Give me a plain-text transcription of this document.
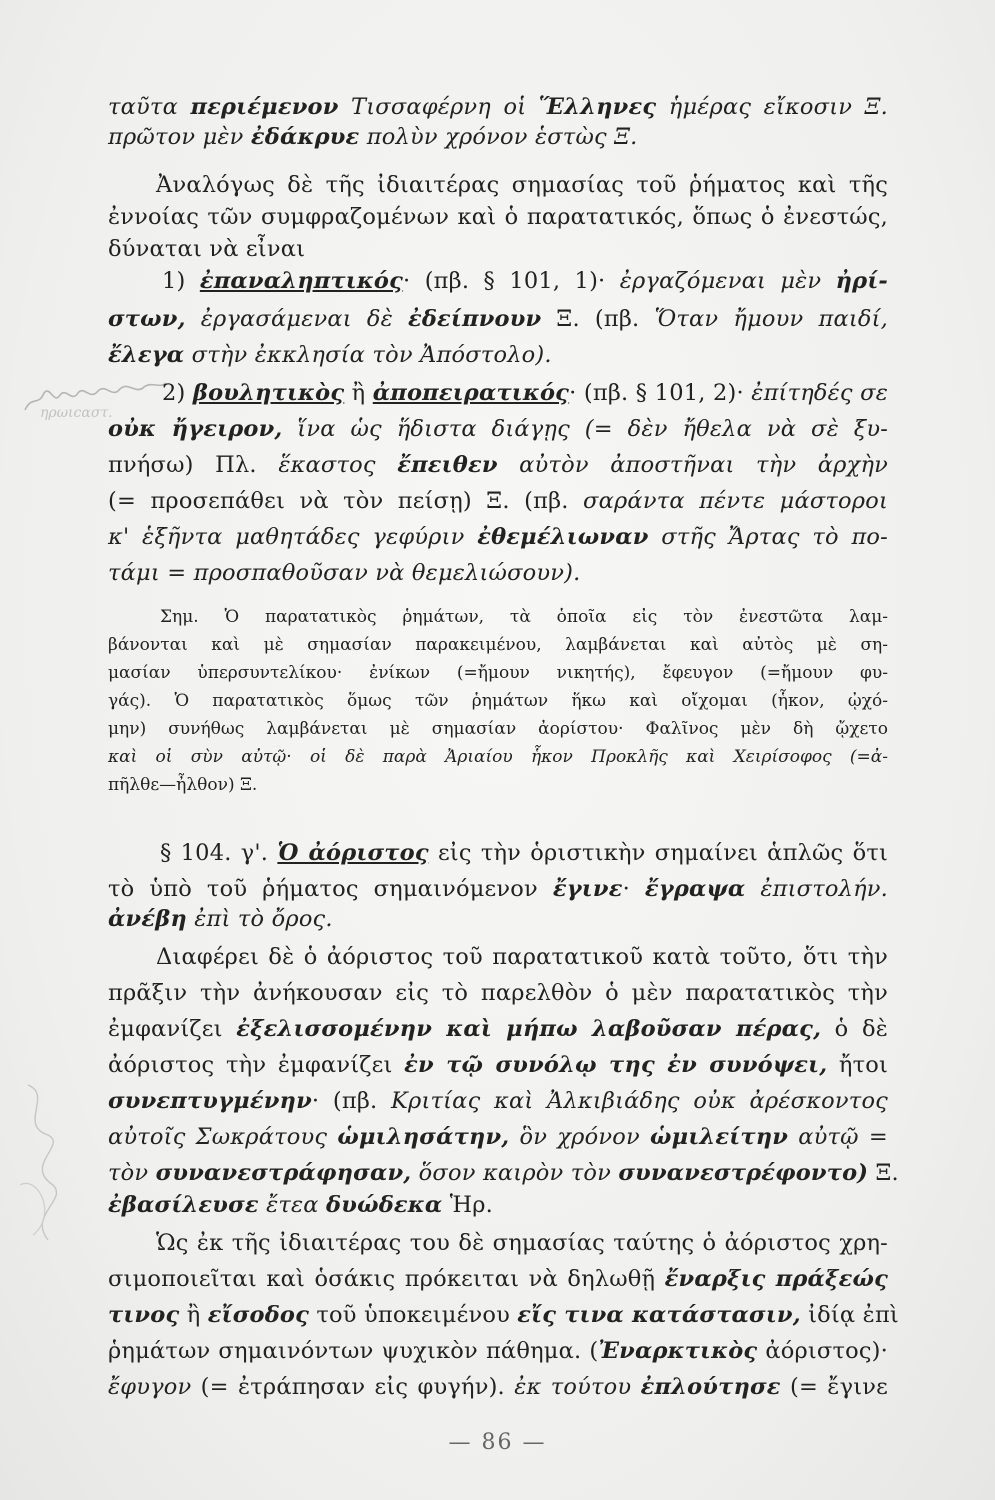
ηρωιcαστ.
ταῦτα περιέμενον Τισσαφέρνη οἱ Ἕλληνες ἡμέρας εἴκοσιν Ξ.
πρῶτον μὲν ἐδάκρυε πολὺν χρόνον ἑστὼς Ξ.
Ἀναλόγως δὲ τῆς ἰδιαιτέρας σημασίας τοῦ ῥήματος καὶ τῆς
ἐννοίας τῶν συμφραζομένων καὶ ὁ παρατατικός, ὅπως ὁ ἐνεστώς,
δύναται νὰ εἶναι
1) ἐπαναληπτικός· (πβ. § 101, 1)· ἐργαζόμεναι μὲν ἠρί-
στων, ἐργασάμεναι δὲ ἐδείπνουν Ξ. (πβ. Ὅταν ἤμουν παιδί,
ἔλεγα στὴν ἐκκλησία τὸν Ἀπόστολο).
2) βουλητικὸς ἢ ἀποπειρατικός· (πβ. § 101, 2)· ἐπίτηδές σε
οὐκ ἤγειρον, ἵνα ὡς ἥδιστα διάγῃς (= δὲν ἤθελα νὰ σὲ ξυ-
πνήσω) Πλ. ἕκαστος ἔπειθεν αὐτὸν ἀποστῆναι τὴν ἀρχὴν
(= προσεπάθει νὰ τὸν πείσῃ) Ξ. (πβ. σαράντα πέντε μάστοροι
κ' ἑξῆντα μαθητάδες γεφύριν ἐθεμέλιωναν στῆς Ἄρτας τὸ πο-
τάμι = προσπαθοῦσαν νὰ θεμελιώσουν).
Σημ. Ὁ παρατατικὸς ῥημάτων, τὰ ὁποῖα εἰς τὸν ἐνεστῶτα λαμ-
βάνονται καὶ μὲ σημασίαν παρακειμένου, λαμβάνεται καὶ αὐτὸς μὲ ση-
μασίαν ὑπερσυντελίκου· ἐνίκων (=ἤμουν νικητής), ἔφευγον (=ἤμουν φυ-
γάς). Ὁ παρατατικὸς ὅμως τῶν ῥημάτων ἥκω καὶ οἴχομαι (ἧκον, ᾠχό-
μην) συνήθως λαμβάνεται μὲ σημασίαν ἀορίστου· Φαλῖνος μὲν δὴ ᾤχετο
καὶ οἱ σὺν αὐτῷ· οἱ δὲ παρὰ Ἀριαίου ἧκον Προκλῆς καὶ Χειρίσοφος (=ἀ-
πῆλθε—ἦλθον) Ξ.
§ 104. γ'. Ὁ ἀόριστος εἰς τὴν ὁριστικὴν σημαίνει ἁπλῶς ὅτι
τὸ ὑπὸ τοῦ ῥήματος σημαινόμενον ἔγινε· ἔγραψα ἐπιστολήν.
ἀνέβη ἐπὶ τὸ ὄρος.
Διαφέρει δὲ ὁ ἀόριστος τοῦ παρατατικοῦ κατὰ τοῦτο, ὅτι τὴν
πρᾶξιν τὴν ἀνήκουσαν εἰς τὸ παρελθὸν ὁ μὲν παρατατικὸς τὴν
ἐμφανίζει ἐξελισσομένην καὶ μήπω λαβοῦσαν πέρας, ὁ δὲ
ἀόριστος τὴν ἐμφανίζει ἐν τῷ συνόλῳ της ἐν συνόψει, ἤτοι
συνεπτυγμένην· (πβ. Κριτίας καὶ Ἀλκιβιάδης οὐκ ἀρέσκοντος
αὐτοῖς Σωκράτους ὡμιλησάτην, ὃν χρόνον ὡμιλείτην αὐτῷ =
τὸν συνανεστράφησαν, ὅσον καιρὸν τὸν συνανεστρέφοντο) Ξ.
ἐβασίλευσε ἔτεα δυώδεκα Ἡρ.
Ὡς ἐκ τῆς ἰδιαιτέρας του δὲ σημασίας ταύτης ὁ ἀόριστος χρη-
σιμοποιεῖται καὶ ὁσάκις πρόκειται νὰ δηλωθῇ ἔναρξις πράξεώς
τινος ἢ εἴσοδος τοῦ ὑποκειμένου εἴς τινα κατάστασιν, ἰδίᾳ ἐπὶ
ῥημάτων σημαινόντων ψυχικὸν πάθημα. (Ἐναρκτικὸς ἀόριστος)·
ἔφυγον (= ἐτράπησαν εἰς φυγήν). ἐκ τούτου ἐπλούτησε (= ἔγινε
— 86 —
